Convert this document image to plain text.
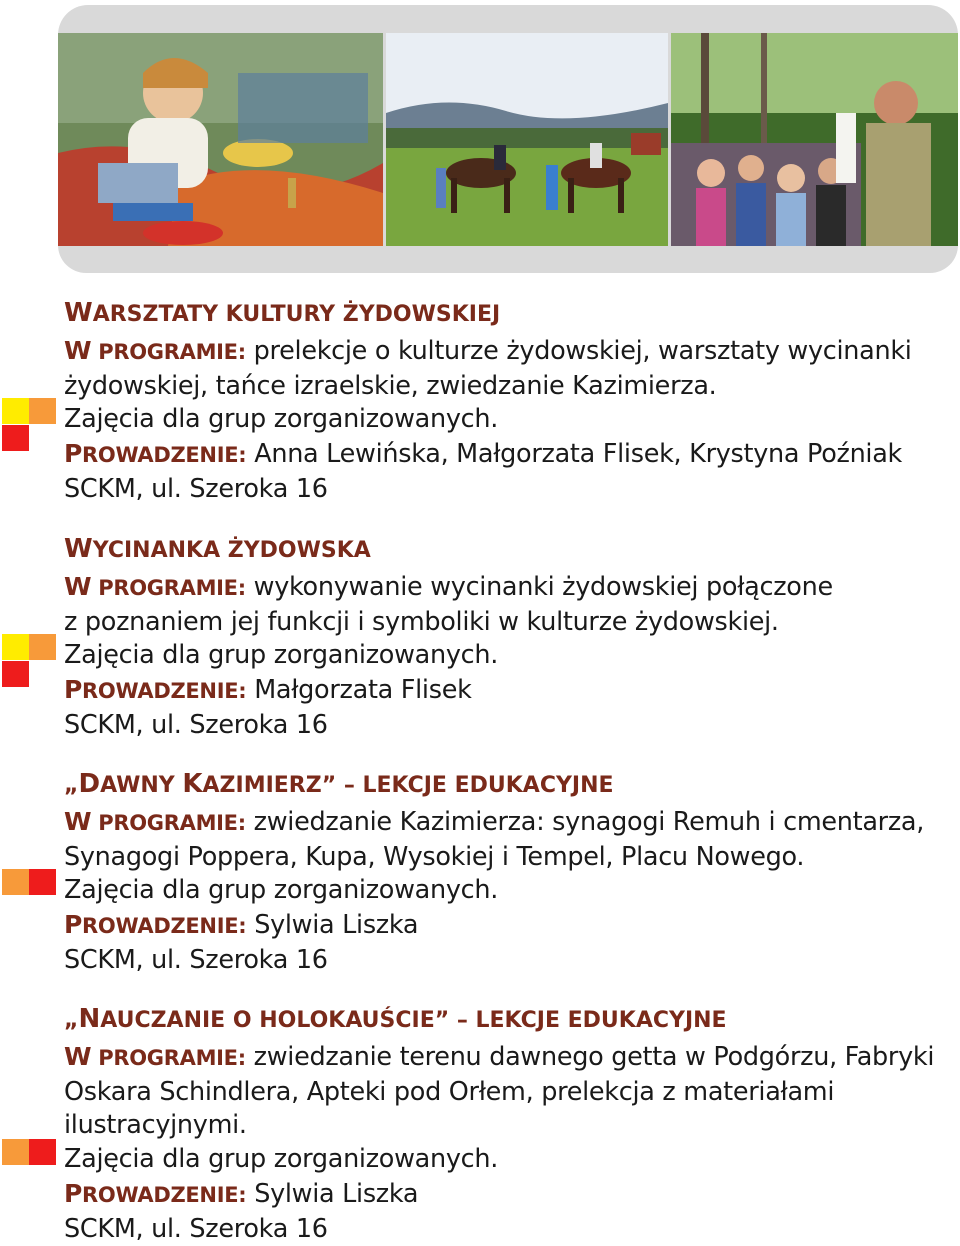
WARSZTATY KULTURY ŻYDOWSKIEJ

W PROGRAMIE: prelekcje o kulturze żydowskiej, warsztaty wycinanki

żydowskiej, tańce izraelskie, zwiedzanie Kazimierza.

Zajęcia dla grup zorganizowanych.

PROWADZENIE: Anna Lewińska, Małgorzata Flisek, Krystyna Poźniak

SCKM, ul. Szeroka 16

WYCINANKA ŻYDOWSKA

W PROGRAMIE: wykonywanie wycinanki żydowskiej połączone

z poznaniem jej funkcji i symboliki w kulturze żydowskiej.

Zajęcia dla grup zorganizowanych.

PROWADZENIE: Małgorzata Flisek

SCKM, ul. Szeroka 16

„DAWNY KAZIMIERZ” – LEKCJE EDUKACYJNE

W PROGRAMIE: zwiedzanie Kazimierza: synagogi Remuh i cmentarza,

Synagogi Poppera, Kupa, Wysokiej i Tempel, Placu Nowego.

Zajęcia dla grup zorganizowanych.

PROWADZENIE: Sylwia Liszka

SCKM, ul. Szeroka 16

„NAUCZANIE O HOLOKAUŚCIE” – LEKCJE EDUKACYJNE

W PROGRAMIE: zwiedzanie terenu dawnego getta w Podgórzu, Fabryki

Oskara Schindlera, Apteki pod Orłem, prelekcja z materiałami

ilustracyjnymi.

Zajęcia dla grup zorganizowanych.

PROWADZENIE: Sylwia Liszka

SCKM, ul. Szeroka 16
